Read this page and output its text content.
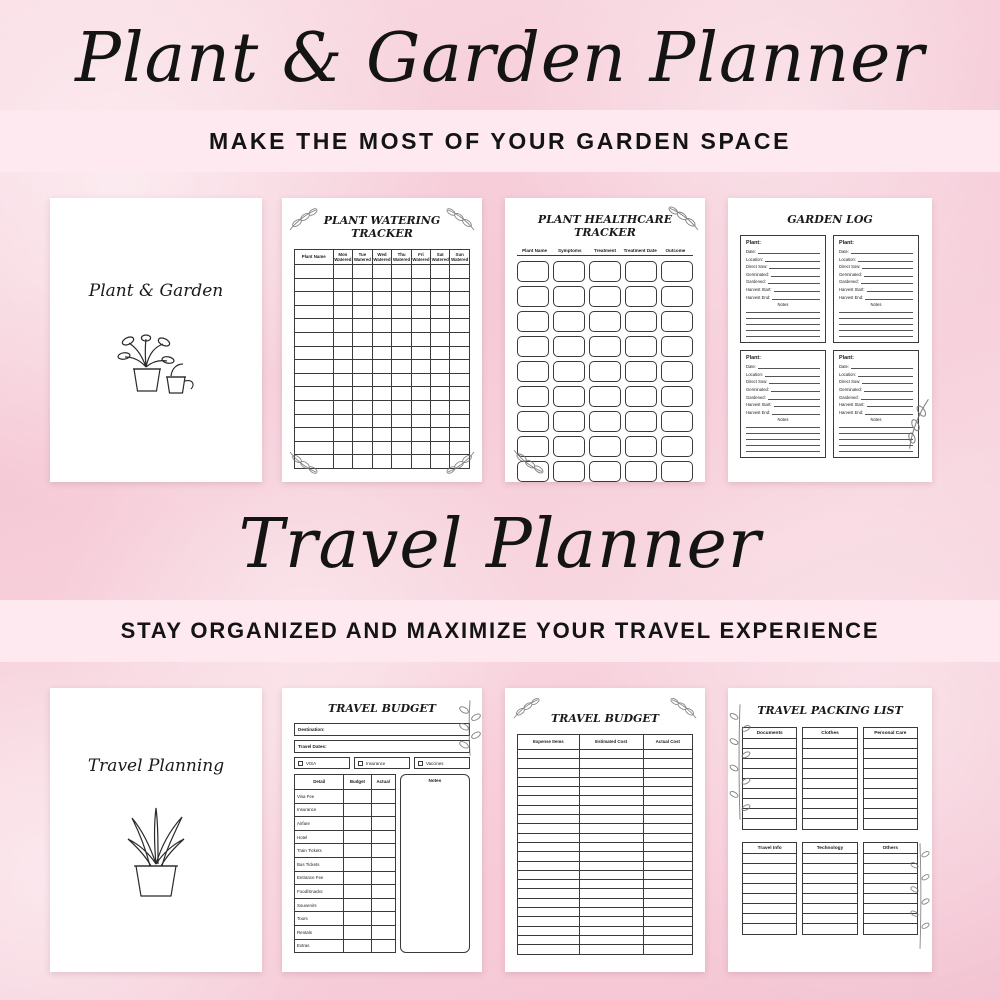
Plant & Garden Planner
MAKE THE MOST OF YOUR GARDEN SPACE
Plant & Garden
PLANT WATERING TRACKER
Plant Name	Mon Watered	Tue Watered	Wed Watered	Thu Watered	Fri Watered	Sat Watered	Sun Watered

PLANT HEALTHCARE TRACKER
Plant Name	Symptoms	Treatment	Treatment Date	Outcome
GARDEN LOG
Plant:
Date:
Location:
Direct Sow:
Germinated:
Gardened:
Harvest Start:
Harvest End:
Notes
Plant:
Date:
Location:
Direct Sow:
Germinated:
Gardened:
Harvest Start:
Harvest End:
Notes
Plant:
Date:
Location:
Direct Sow:
Germinated:
Gardened:
Harvest Start:
Harvest End:
Notes
Plant:
Date:
Location:
Direct Sow:
Germinated:
Gardened:
Harvest Start:
Harvest End:
Notes
Travel Planner
STAY ORGANIZED AND MAXIMIZE YOUR TRAVEL EXPERIENCE
Travel Planning
TRAVEL BUDGET
Destination:
Travel Dates:
VISA	Insurance	Vaccines
Detail	Budget	Actual
Visa Fee		
Insurance		
Airfare		
Hotel		
Train Tickets		
Bus Tickets		
Entrance Fee		
Food/Snacks		
Souvenirs		
Tours		
Rentals		
Extras		
Notes
TRAVEL BUDGET
Expense Items	Estimated Cost	Actual Cost

TRAVEL PACKING LIST
Documents	Clothes	Personal Care
Travel Info	Technology	Others
